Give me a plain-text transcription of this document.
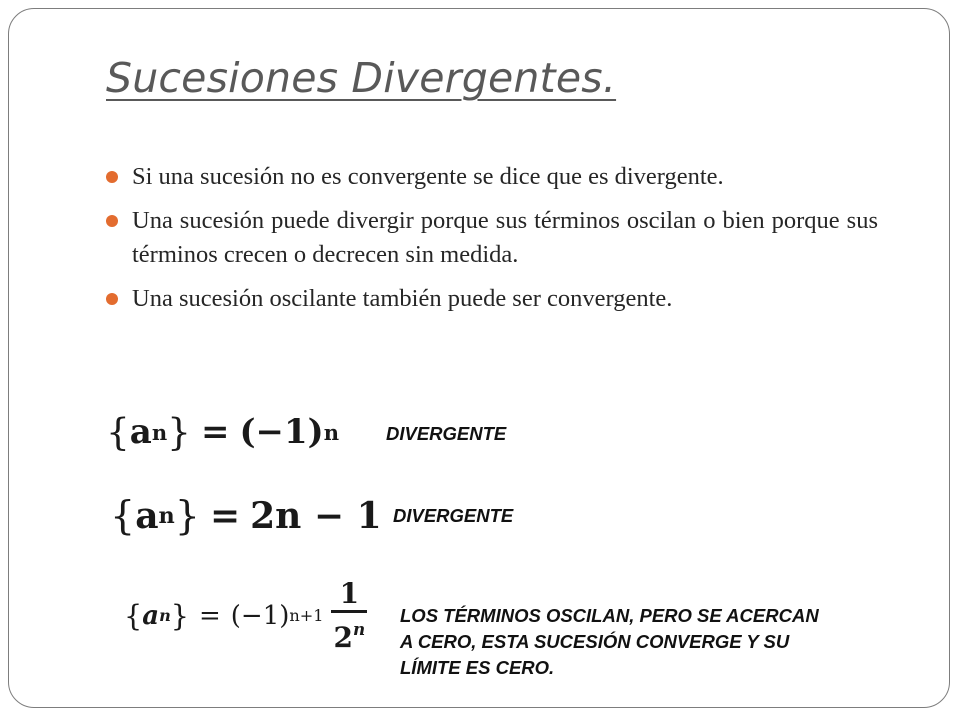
Sucesiones Divergentes.
Si una sucesión no es convergente se dice que es divergente.
Una sucesión puede divergir porque sus términos oscilan o bien porque sus términos crecen o decrecen sin medida.
Una sucesión oscilante también puede ser convergente.
{ a n } = (−1) n	DIVERGENTE

{ a n } = 2n − 1 DIVERGENTE

{ a n } = (−1) $n+1 \frac{1}{2^n}$ LOS TÉRMINOS OSCILAN, PERO SE ACERCAN
A CERO, ESTA SUCESIÓN CONVERGE Y SU
LÍMITE ES CERO.
